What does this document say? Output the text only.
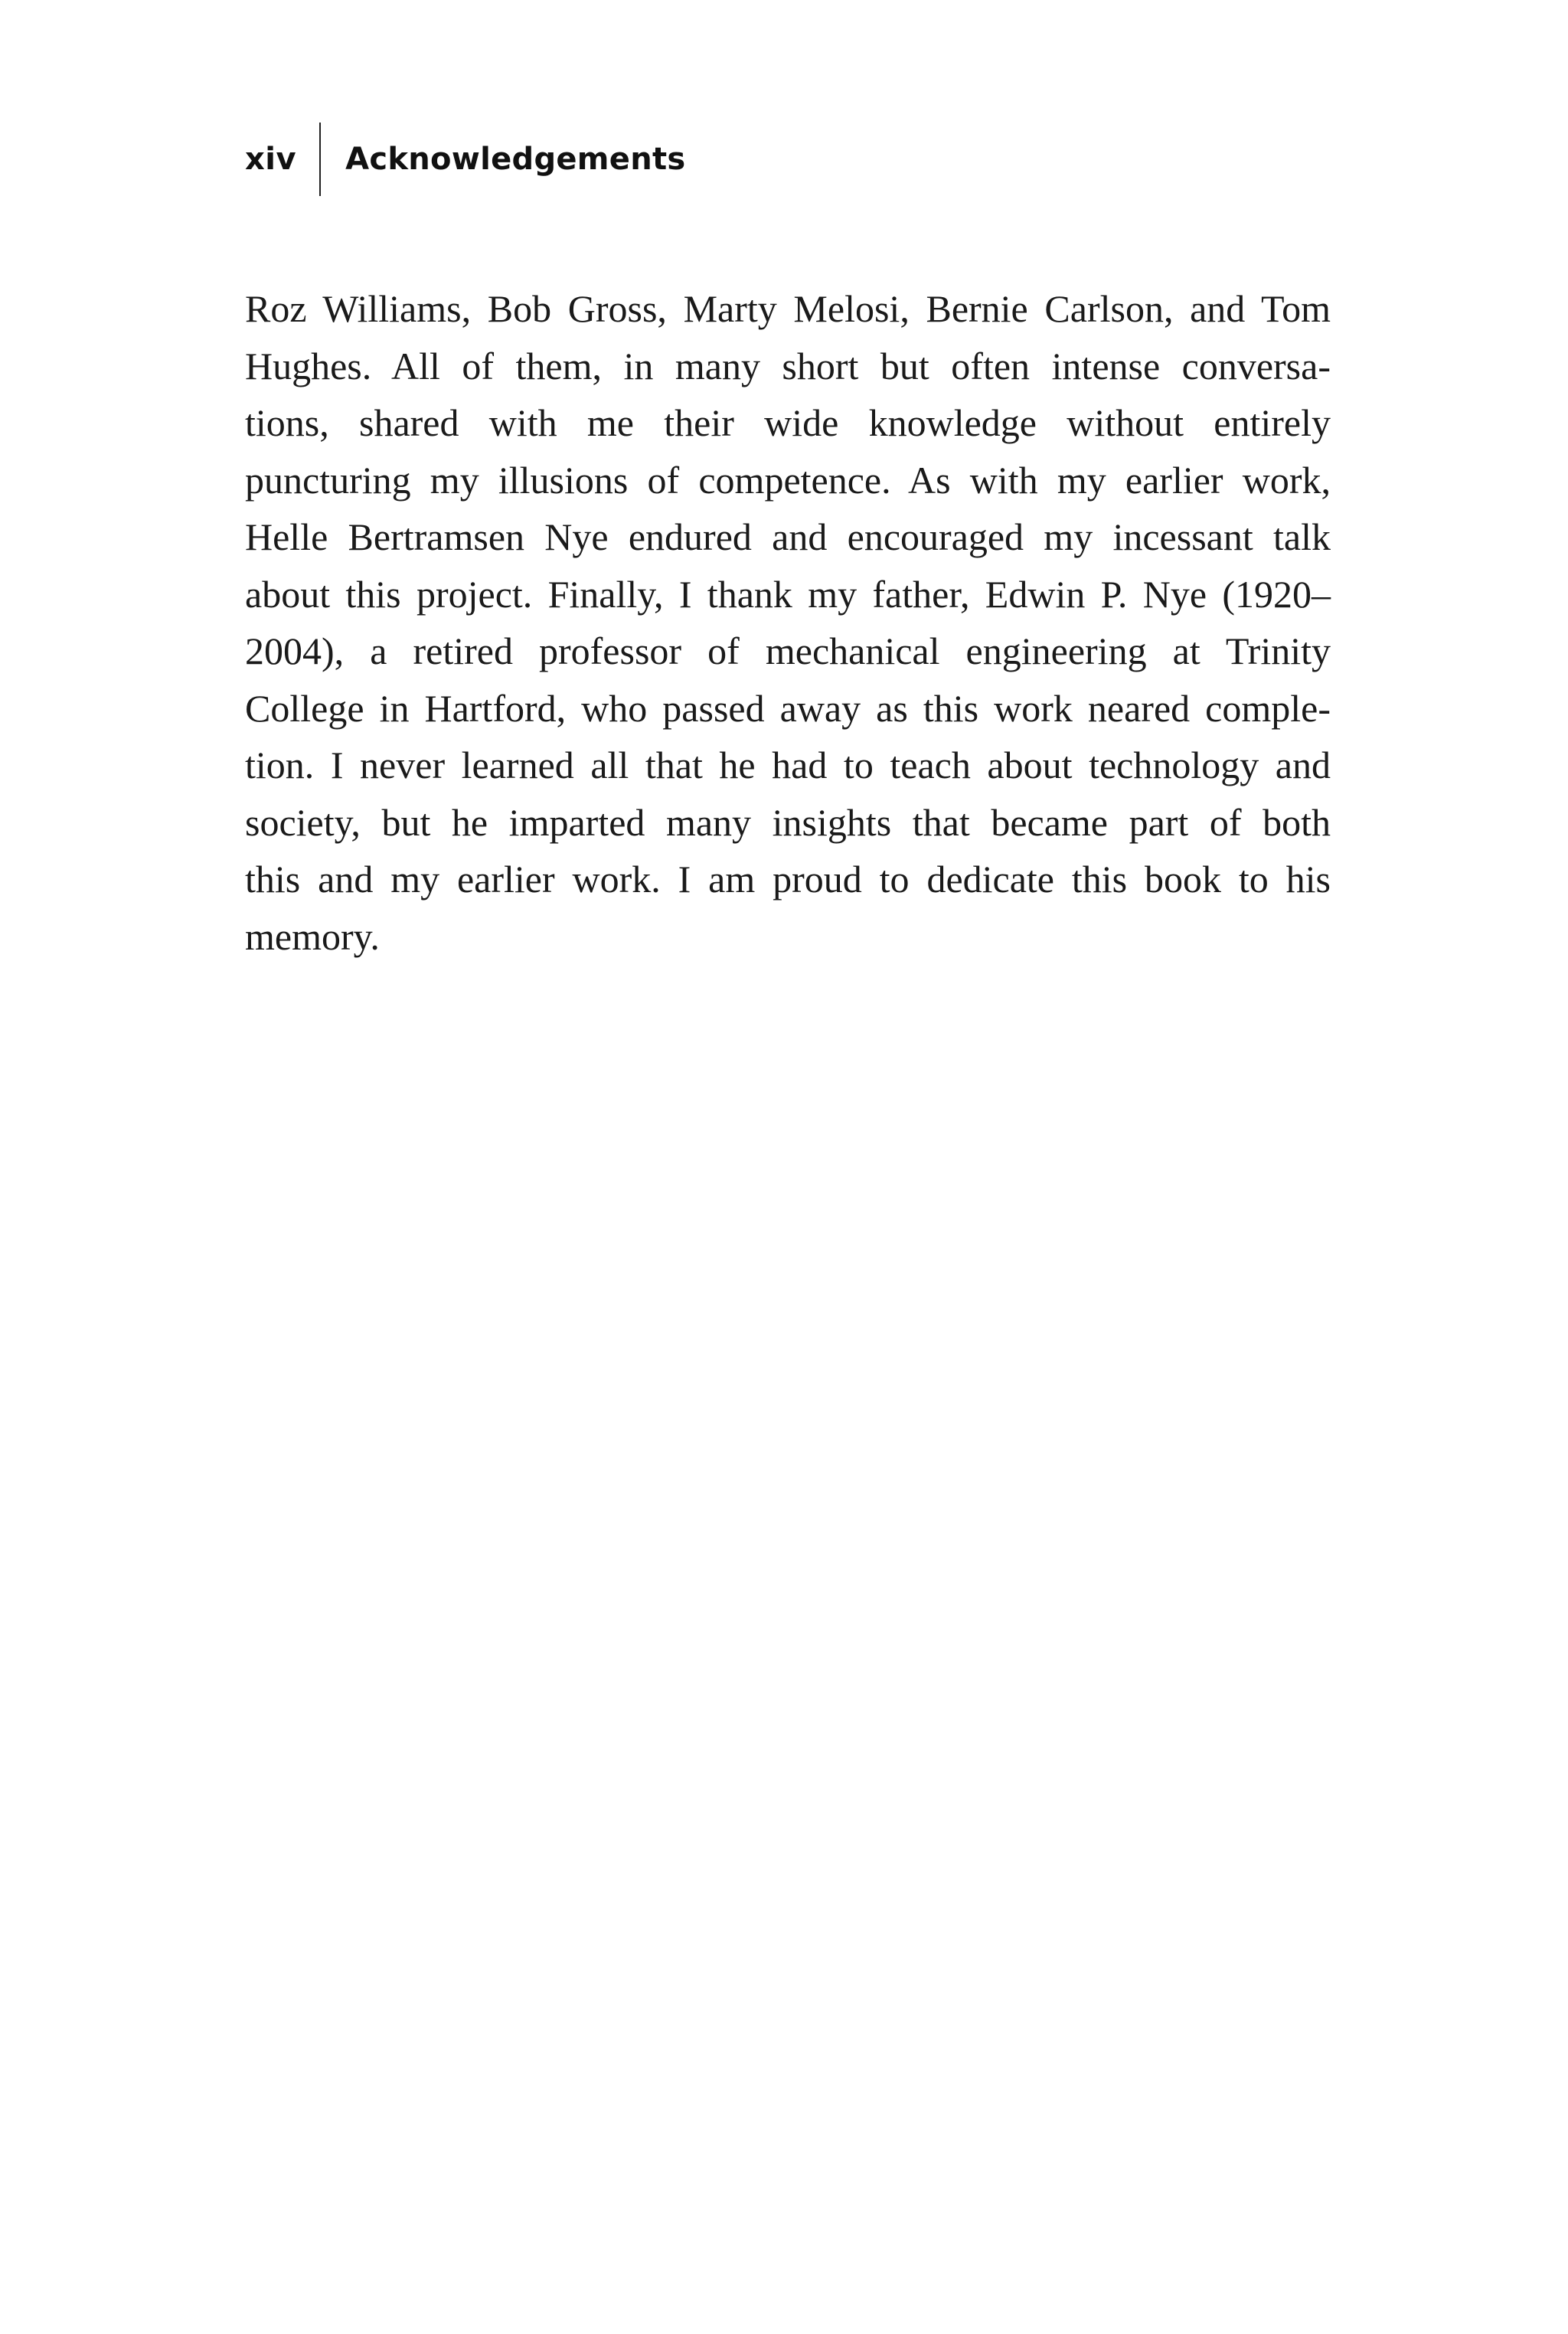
xiv	Acknowledgements
Roz Williams, Bob Gross, Marty Melosi, Bernie Carlson, and Tom
Hughes. All of them, in many short but often intense conversa-
tions, shared with me their wide knowledge without entirely
puncturing my illusions of competence. As with my earlier work,
Helle Bertramsen Nye endured and encouraged my incessant talk
about this project. Finally, I thank my father, Edwin P. Nye (1920–
2004), a retired professor of mechanical engineering at Trinity
College in Hartford, who passed away as this work neared comple-
tion. I never learned all that he had to teach about technology and
society, but he imparted many insights that became part of both
this and my earlier work. I am proud to dedicate this book to his
memory.
